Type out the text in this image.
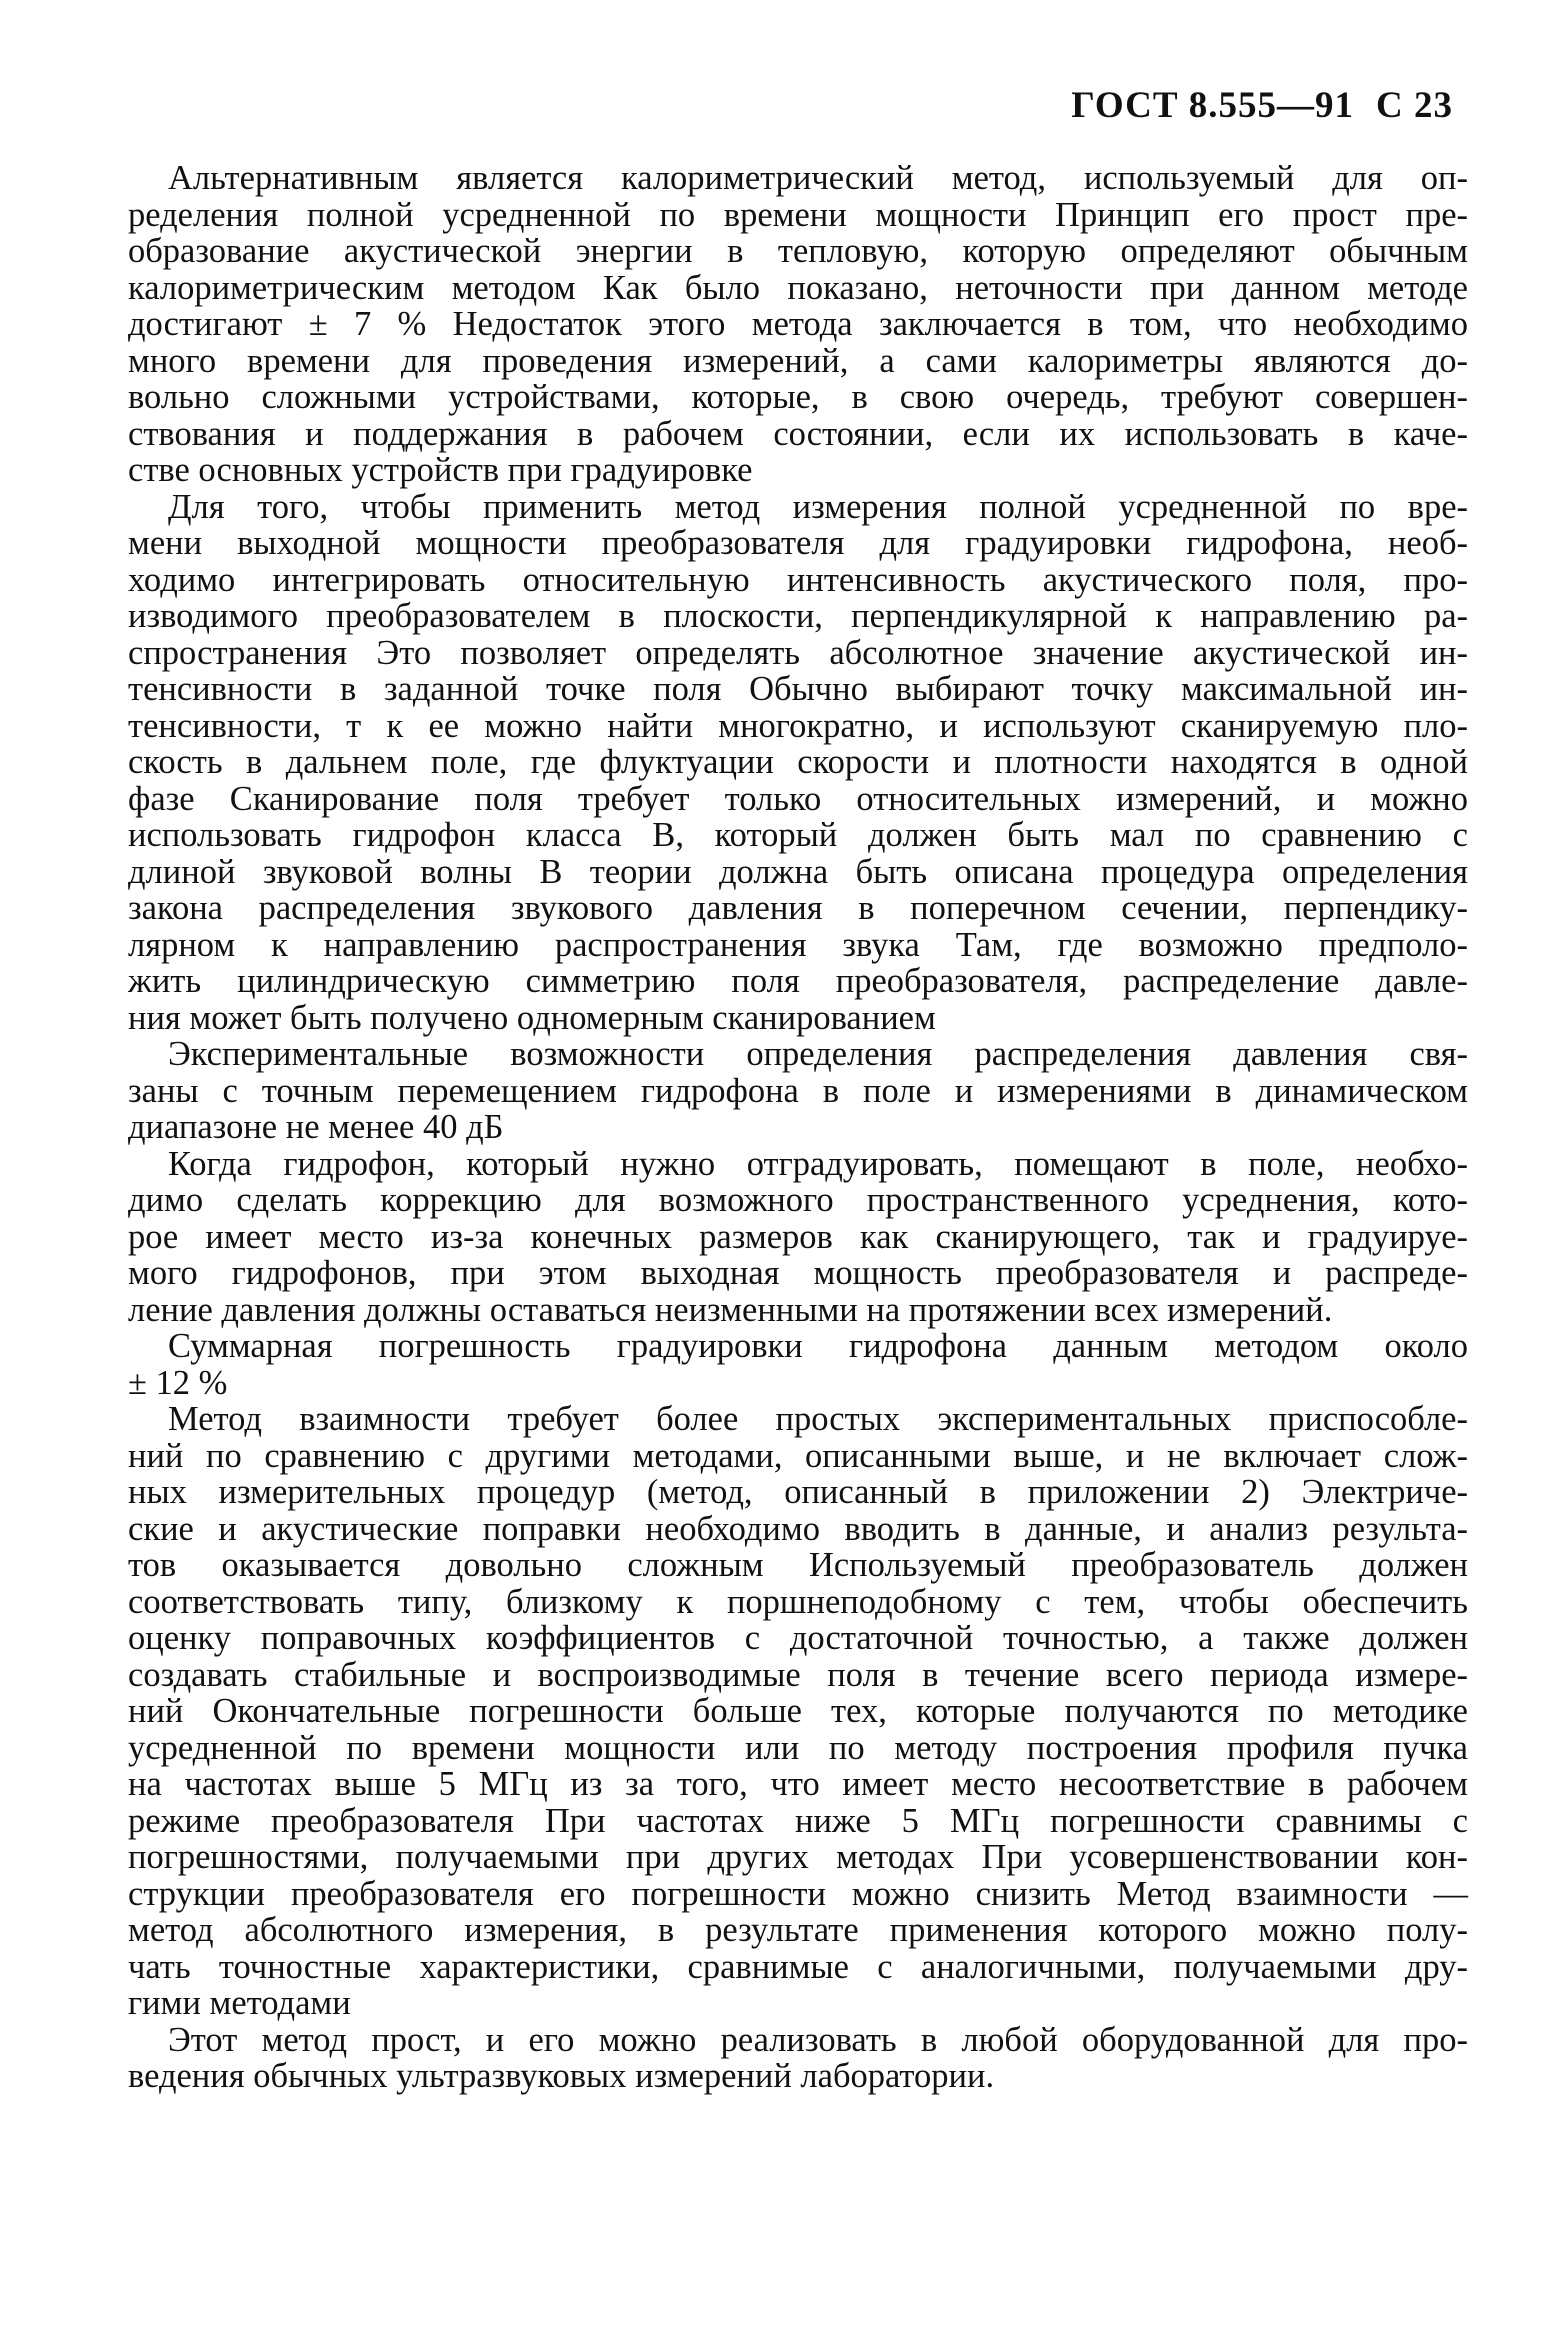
ГОСТ 8.555—91 С 23

Альтернативным является калориметрический метод, используемый для оп-
ределения полной усредненной по времени мощности Принцип его прост пре-
образование акустической энергии в тепловую, которую определяют обычным
калориметрическим методом Как было показано, неточности при данном методе
достигают ± 7 % Недостаток этого метода заключается в том, что необходимо
много времени для проведения измерений, а сами калориметры являются до-
вольно сложными устройствами, которые, в свою очередь, требуют совершен-
ствования и поддержания в рабочем состоянии, если их использовать в каче-
стве основных устройств при градуировке

Для того, чтобы применить метод измерения полной усредненной по вре-
мени выходной мощности преобразователя для градуировки гидрофона, необ-
ходимо интегрировать относительную интенсивность акустического поля, про-
изводимого преобразователем в плоскости, перпендикулярной к направлению ра-
спространения Это позволяет определять абсолютное значение акустической ин-
тенсивности в заданной точке поля Обычно выбирают точку максимальной ин-
тенсивности, т к ее можно найти многократно, и используют сканируемую пло-
скость в дальнем поле, где флуктуации скорости и плотности находятся в одной
фазе Сканирование поля требует только относительных измерений, и можно
использовать гидрофон класса В, который должен быть мал по сравнению с
длиной звуковой волны В теории должна быть описана процедура определения
закона распределения звукового давления в поперечном сечении, перпендику-
лярном к направлению распространения звука Там, где возможно предполо-
жить цилиндрическую симметрию поля преобразователя, распределение давле-
ния может быть получено одномерным сканированием

Экспериментальные возможности определения распределения давления свя-
заны с точным перемещением гидрофона в поле и измерениями в динамическом
диапазоне не менее 40 дБ

Когда гидрофон, который нужно отградуировать, помещают в поле, необхо-
димо сделать коррекцию для возможного пространственного усреднения, кото-
рое имеет место из-за конечных размеров как сканирующего, так и градуируе-
мого гидрофонов, при этом выходная мощность преобразователя и распреде-
ление давления должны оставаться неизменными на протяжении всех измерений.

Суммарная погрешность градуировки гидрофона данным методом около
± 12 %

Метод взаимности требует более простых экспериментальных приспособле-
ний по сравнению с другими методами, описанными выше, и не включает слож-
ных измерительных процедур (метод, описанный в приложении 2) Электриче-
ские и акустические поправки необходимо вводить в данные, и анализ результа-
тов оказывается довольно сложным Используемый преобразователь должен
соответствовать типу, близкому к поршнеподобному с тем, чтобы обеспечить
оценку поправочных коэффициентов с достаточной точностью, а также должен
создавать стабильные и воспроизводимые поля в течение всего периода измере-
ний Окончательные погрешности больше тех, которые получаются по методике
усредненной по времени мощности или по методу построения профиля пучка
на частотах выше 5 МГц из за того, что имеет место несоответствие в рабочем
режиме преобразователя При частотах ниже 5 МГц погрешности сравнимы с
погрешностями, получаемыми при других методах При усовершенствовании кон-
струкции преобразователя его погрешности можно снизить Метод взаимности —
метод абсолютного измерения, в результате применения которого можно полу-
чать точностные характеристики, сравнимые с аналогичными, получаемыми дру-
гими методами

Этот метод прост, и его можно реализовать в любой оборудованной для про-
ведения обычных ультразвуковых измерений лаборатории.
